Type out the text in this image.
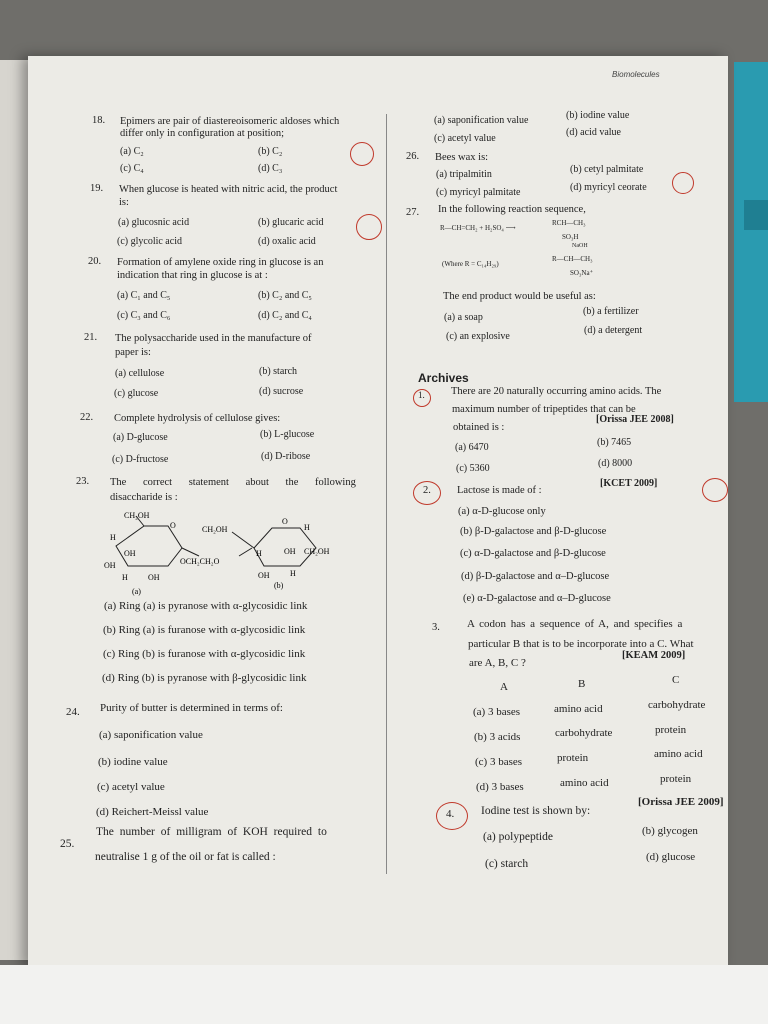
Biomolecules
18. Epimers are pair of diastereoisomeric aldoses which
differ only in configuration at position;
(a) C₂	(b) C₂
(c) C₄	(d) C₃
19. When glucose is heated with nitric acid, the product
is:
(a) glucosnic acid	(b) glucaric acid
(c) glycolic acid	(d) oxalic acid
20. Formation of amylene oxide ring in glucose is an
indication that ring in glucose is at :
(a) C₁ and C₅	(b) C₂ and C₅
(c) C₃ and C₆	(d) C₂ and C₄
21. The polysaccharide used in the manufacture of
paper is:
(a) cellulose	(b) starch
(c) glucose	(d) sucrose
22. Complete hydrolysis of cellulose gives:
(a) D-glucose	(b) L-glucose
(c) D-fructose	(d) D-ribose
23. The correct statement about the following
disaccharide is :
CH₂OH
O	CH₂OH
O
H
H
OH
OH	OCH₂CH₂O
H	OH CH₂OH
H	OH	OH	H
(a)
(b)
(a) Ring (a) is pyranose with α-glycosidic link
(b) Ring (a) is furanose with α-glycosidic link
(c) Ring (b) is furanose with α-glycosidic link
(d) Ring (b) is pyranose with β-glycosidic link
24. Purity of butter is determined in terms of:
(a) saponification value
(b) iodine value
(c) acetyl value
(d) Reichert-Meissl value
25.
The number of milligram of KOH required to
neutralise 1 g of the oil or fat is called :
(a) saponification value	(b) iodine value
(c) acetyl value
(d) acid value
26. Bees wax is:
(a) tripalmitin	(b) cetyl palmitate
(c) myricyl palmitate	(d) myricyl ceorate
27. In the following reaction sequence,
R—CH=CH₂ + H₂SO₄ ⟶
RCH—CH₃
SO₃H
NaOH
(Where R = C₁₄H₂₉)
R—CH—CH₃
SO₃Na⁺
The end product would be useful as:
(a) a soap
(b) a fertilizer
(c) an explosive
(d) a detergent
Archives
1.	There are 20 naturally occurring amino acids. The
maximum number of tripeptides that can be
obtained is :
[Orissa JEE 2008]
(a) 6470	(b) 7465
(c) 5360	(d) 8000
2. Lactose is made of :
[KCET 2009]
(a) α-D-glucose only
(b) β-D-galactose and β-D-glucose
(c) α-D-galactose and β-D-glucose
(d) β-D-galactose and α–D-glucose
(e) α-D-galactose and α–D-glucose
3. A codon has a sequence of A, and specifies a
particular B that is to be incorporate into a C. What
are A, B, C ?
[KEAM 2009]
A	B	C
(a) 3 bases	amino acid	carbohydrate
(b) 3 acids	carbohydrate	protein
(c) 3 bases	protein	amino acid
(d) 3 bases	amino acid	protein
4. Iodine test is shown by:
[Orissa JEE 2009]
(a) polypeptide	(b) glycogen
(c) starch
(d) glucose
